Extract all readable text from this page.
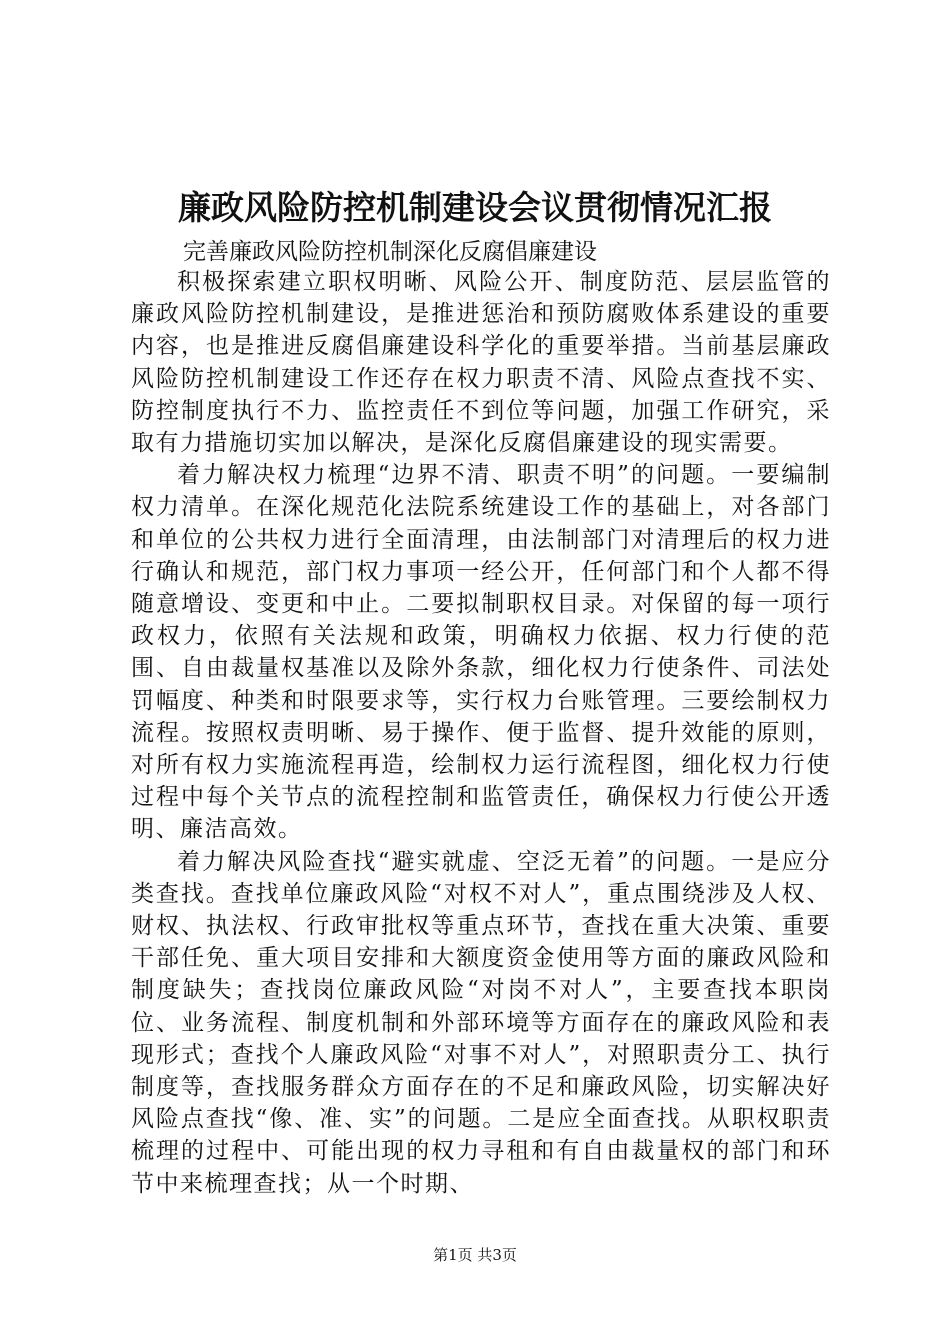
廉政风险防控机制建设会议贯彻情况汇报

完善廉政风险防控机制深化反腐倡廉建设

积极探索建立职权明晰、风险公开、制度防范、层层监管的廉政风险防控机制建设，是推进惩治和预防腐败体系建设的重要内容，也是推进反腐倡廉建设科学化的重要举措。当前基层廉政风险防控机制建设工作还存在权力职责不清、风险点查找不实、防控制度执行不力、监控责任不到位等问题，加强工作研究，采取有力措施切实加以解决，是深化反腐倡廉建设的现实需要。

着力解决权力梳理“边界不清、职责不明”的问题。一要编制权力清单。在深化规范化法院系统建设工作的基础上，对各部门和单位的公共权力进行全面清理，由法制部门对清理后的权力进行确认和规范，部门权力事项一经公开，任何部门和个人都不得随意增设、变更和中止。二要拟制职权目录。对保留的每一项行政权力，依照有关法规和政策，明确权力依据、权力行使的范围、自由裁量权基准以及除外条款，细化权力行使条件、司法处罚幅度、种类和时限要求等，实行权力台账管理。三要绘制权力流程。按照权责明晰、易于操作、便于监督、提升效能的原则，对所有权力实施流程再造，绘制权力运行流程图，细化权力行使过程中每个关节点的流程控制和监管责任，确保权力行使公开透明、廉洁高效。

着力解决风险查找“避实就虚、空泛无着”的问题。一是应分类查找。查找单位廉政风险“对权不对人”，重点围绕涉及人权、财权、执法权、行政审批权等重点环节，查找在重大决策、重要干部任免、重大项目安排和大额度资金使用等方面的廉政风险和制度缺失；查找岗位廉政风险“对岗不对人”，主要查找本职岗位、业务流程、制度机制和外部环境等方面存在的廉政风险和表现形式；查找个人廉政风险“对事不对人”，对照职责分工、执行制度等，查找服务群众方面存在的不足和廉政风险，切实解决好风险点查找“像、准、实”的问题。二是应全面查找。从职权职责梳理的过程中、可能出现的权力寻租和有自由裁量权的部门和环节中来梳理查找；从一个时期、

第1页 共3页
